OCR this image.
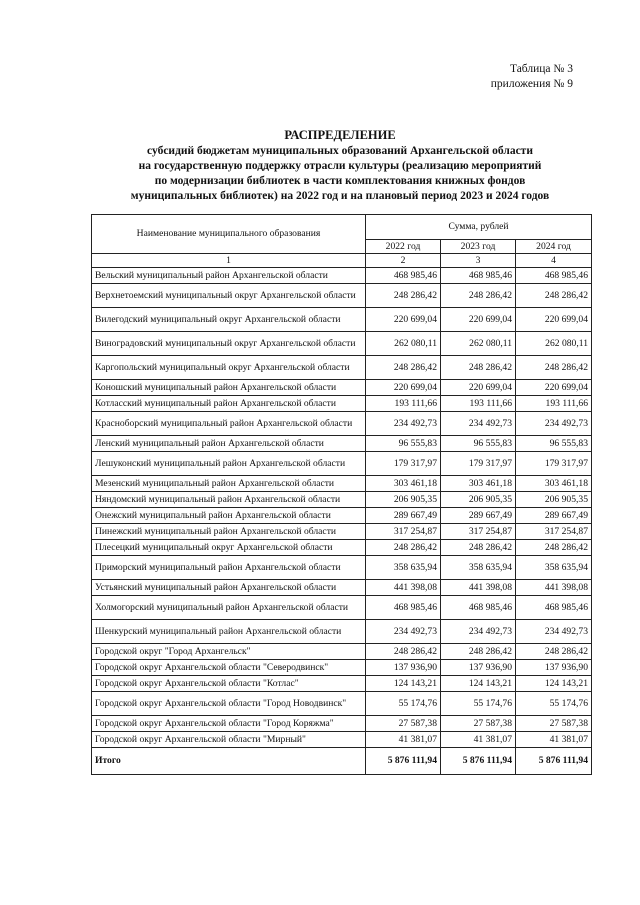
Таблица № 3
приложения № 9
РАСПРЕДЕЛЕНИЕ
субсидий бюджетам муниципальных образований Архангельской области
на государственную поддержку отрасли культуры (реализацию мероприятий
по модернизации библиотек в части комплектования книжных фондов
муниципальных библиотек) на 2022 год и на плановый период 2023 и 2024 годов
Наименование муниципального образования	Сумма, рублей		
	2022 год	2023 год	2024 год
1	2	3	4
Вельский муниципальный район Архангельской области	468 985,46	468 985,46	468 985,46
Верхнетоемский муниципальный округ Архангельской области	248 286,42	248 286,42	248 286,42
Вилегодский муниципальный округ Архангельской области	220 699,04	220 699,04	220 699,04
Виноградовский муниципальный округ Архангельской области	262 080,11	262 080,11	262 080,11
Каргопольский муниципальный округ Архангельской области	248 286,42	248 286,42	248 286,42
Коношский муниципальный район Архангельской области	220 699,04	220 699,04	220 699,04
Котласский муниципальный район Архангельской области	193 111,66	193 111,66	193 111,66
Красноборский муниципальный район Архангельской области	234 492,73	234 492,73	234 492,73
Ленский муниципальный район Архангельской области	96 555,83	96 555,83	96 555,83
Лешуконский муниципальный район Архангельской области	179 317,97	179 317,97	179 317,97
Мезенский муниципальный район Архангельской области	303 461,18	303 461,18	303 461,18
Няндомский муниципальный район Архангельской области	206 905,35	206 905,35	206 905,35
Онежский муниципальный район Архангельской области	289 667,49	289 667,49	289 667,49
Пинежский муниципальный район Архангельской области	317 254,87	317 254,87	317 254,87
Плесецкий муниципальный округ Архангельской области	248 286,42	248 286,42	248 286,42
Приморский муниципальный район Архангельской области	358 635,94	358 635,94	358 635,94
Устьянский муниципальный район Архангельской области	441 398,08	441 398,08	441 398,08
Холмогорский муниципальный район Архангельской области	468 985,46	468 985,46	468 985,46
Шенкурский муниципальный район Архангельской области	234 492,73	234 492,73	234 492,73
Городской округ "Город Архангельск"	248 286,42	248 286,42	248 286,42
Городской округ Архангельской области "Северодвинск"	137 936,90	137 936,90	137 936,90
Городской округ Архангельской области "Котлас"	124 143,21	124 143,21	124 143,21
Городской округ Архангельской области "Город Новодвинск"	55 174,76	55 174,76	55 174,76
Городской округ Архангельской области "Город Коряжма"	27 587,38	27 587,38	27 587,38
Городской округ Архангельской области "Мирный"	41 381,07	41 381,07	41 381,07
Итого	5 876 111,94	5 876 111,94	5 876 111,94
